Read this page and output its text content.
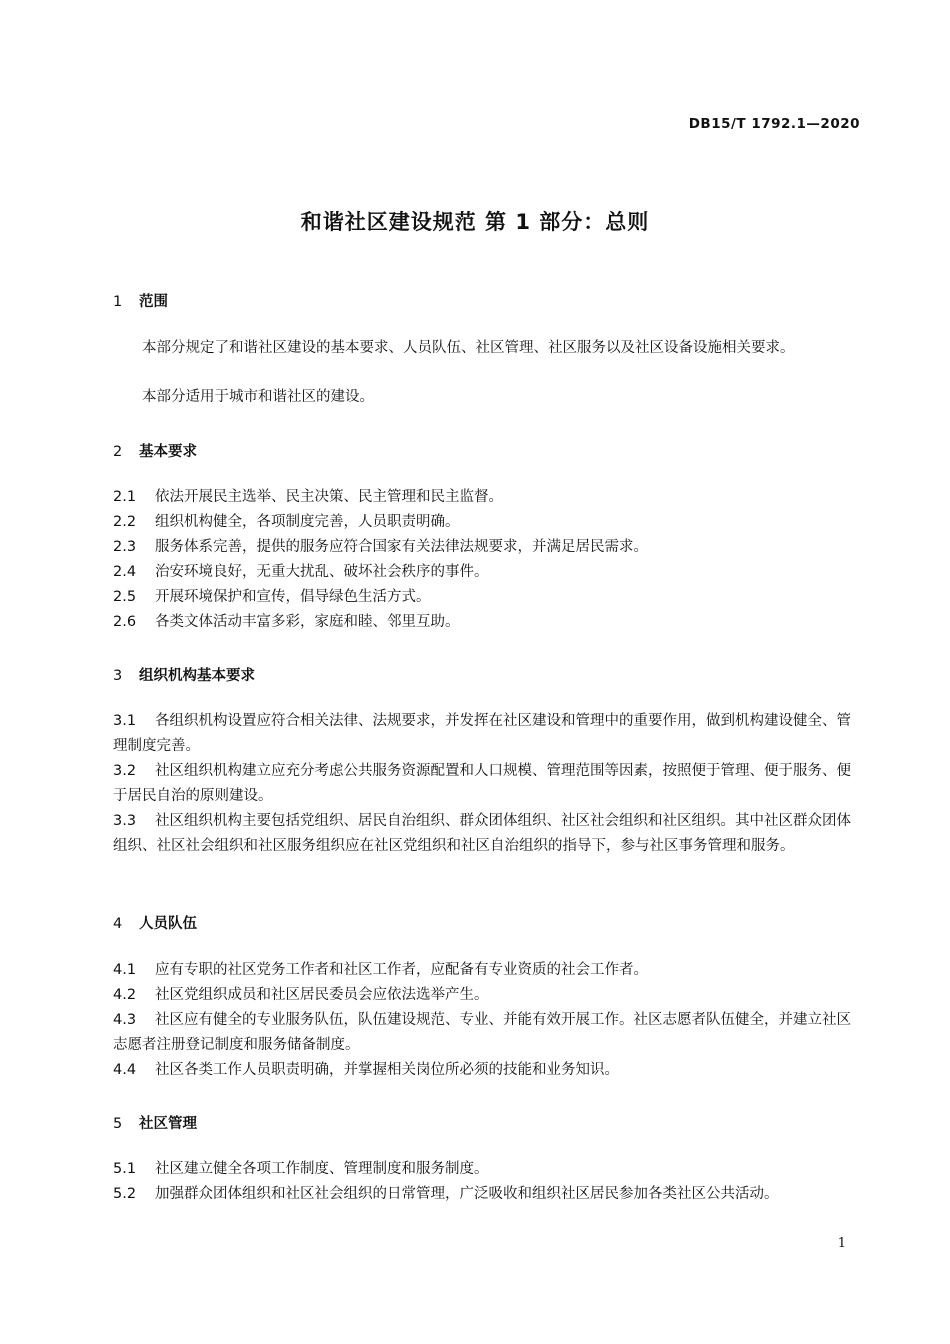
DB15/T 1792.1—2020
和谐社区建设规范 第 1 部分：总则
1 范围
本部分规定了和谐社区建设的基本要求、人员队伍、社区管理、社区服务以及社区设备设施相关要求。
本部分适用于城市和谐社区的建设。
2 基本要求
2.1 依法开展民主选举、民主决策、民主管理和民主监督。
2.2 组织机构健全，各项制度完善，人员职责明确。
2.3 服务体系完善，提供的服务应符合国家有关法律法规要求，并满足居民需求。
2.4 治安环境良好，无重大扰乱、破坏社会秩序的事件。
2.5 开展环境保护和宣传，倡导绿色生活方式。
2.6 各类文体活动丰富多彩，家庭和睦、邻里互助。
3 组织机构基本要求
3.1 各组织机构设置应符合相关法律、法规要求，并发挥在社区建设和管理中的重要作用，做到机构建设健全、管理制度完善。
3.2 社区组织机构建立应充分考虑公共服务资源配置和人口规模、管理范围等因素，按照便于管理、便于服务、便于居民自治的原则建设。
3.3 社区组织机构主要包括党组织、居民自治组织、群众团体组织、社区社会组织和社区组织。其中社区群众团体组织、社区社会组织和社区服务组织应在社区党组织和社区自治组织的指导下，参与社区事务管理和服务。
4 人员队伍
4.1 应有专职的社区党务工作者和社区工作者，应配备有专业资质的社会工作者。
4.2 社区党组织成员和社区居民委员会应依法选举产生。
4.3 社区应有健全的专业服务队伍，队伍建设规范、专业、并能有效开展工作。社区志愿者队伍健全，并建立社区志愿者注册登记制度和服务储备制度。
4.4 社区各类工作人员职责明确，并掌握相关岗位所必须的技能和业务知识。
5 社区管理
5.1 社区建立健全各项工作制度、管理制度和服务制度。
5.2 加强群众团体组织和社区社会组织的日常管理，广泛吸收和组织社区居民参加各类社区公共活动。
1
